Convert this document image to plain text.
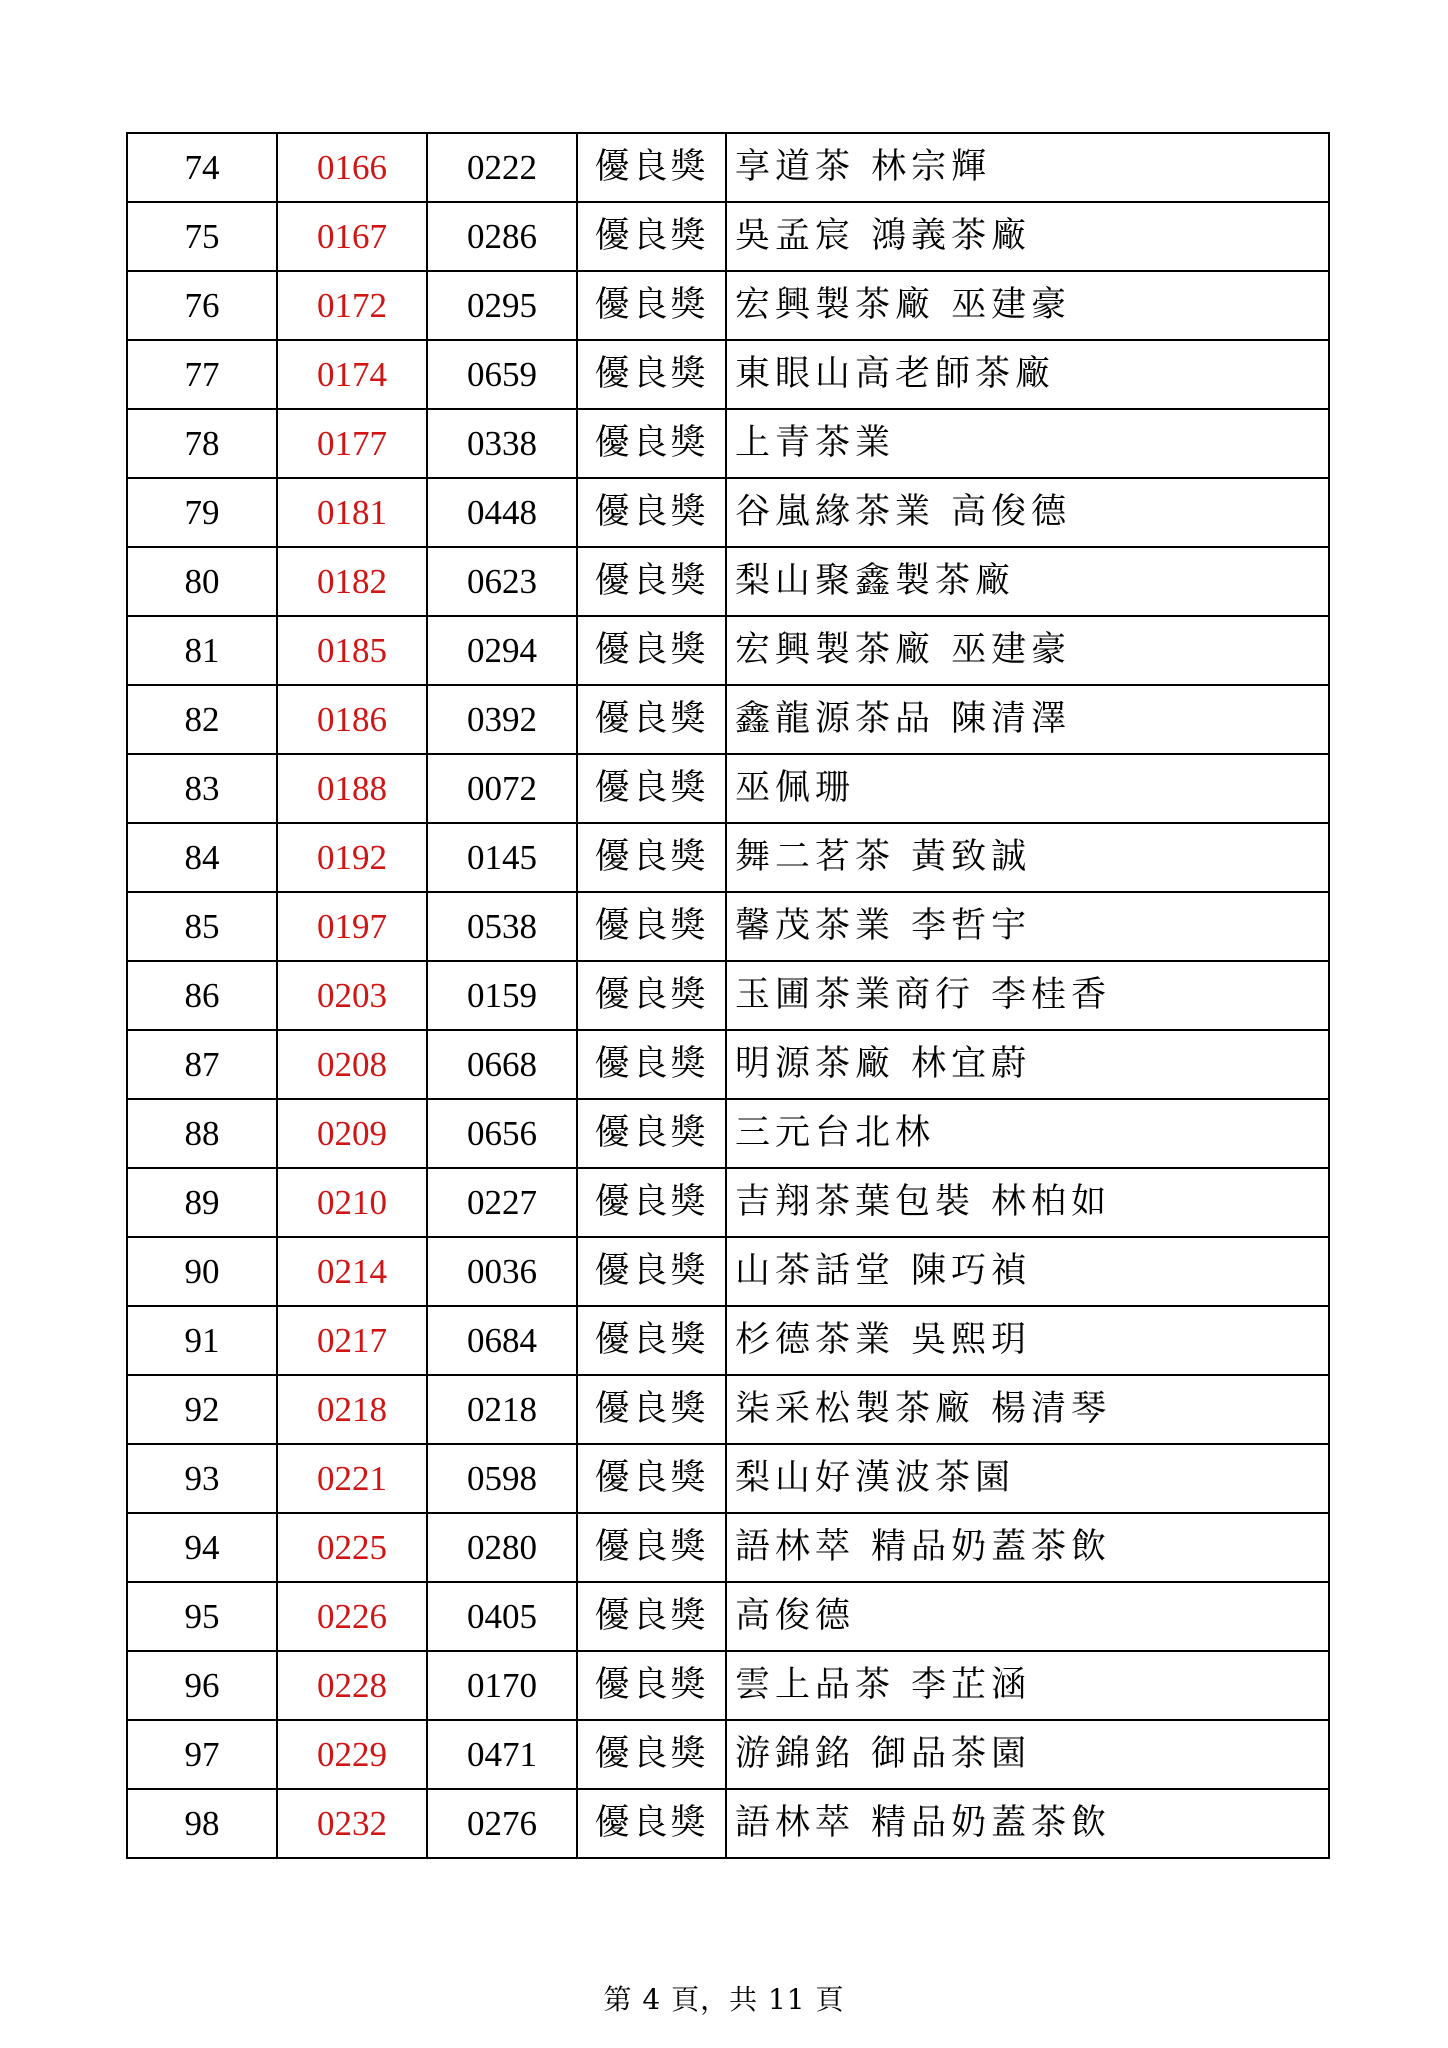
74	0166	0222	優良獎	享道茶 林宗輝
75	0167	0286	優良獎	吳孟宸 鴻義茶廠
76	0172	0295	優良獎	宏興製茶廠 巫建豪
77	0174	0659	優良獎	東眼山高老師茶廠
78	0177	0338	優良獎	上青茶業
79	0181	0448	優良獎	谷嵐緣茶業 高俊德
80	0182	0623	優良獎	梨山聚鑫製茶廠
81	0185	0294	優良獎	宏興製茶廠 巫建豪
82	0186	0392	優良獎	鑫龍源茶品 陳清澤
83	0188	0072	優良獎	巫佩珊
84	0192	0145	優良獎	舞二茗茶 黃致誠
85	0197	0538	優良獎	馨茂茶業 李哲宇
86	0203	0159	優良獎	玉圃茶業商行 李桂香
87	0208	0668	優良獎	明源茶廠 林宜蔚
88	0209	0656	優良獎	三元台北林
89	0210	0227	優良獎	吉翔茶葉包裝 林柏如
90	0214	0036	優良獎	山茶話堂 陳巧禎
91	0217	0684	優良獎	杉德茶業 吳熙玥
92	0218	0218	優良獎	柒采松製茶廠 楊清琴
93	0221	0598	優良獎	梨山好漢波茶園
94	0225	0280	優良獎	語林萃 精品奶蓋茶飲
95	0226	0405	優良獎	高俊德
96	0228	0170	優良獎	雲上品茶 李芷涵
97	0229	0471	優良獎	游錦銘 御品茶園
98	0232	0276	優良獎	語林萃 精品奶蓋茶飲
第 4 頁，共 11 頁
